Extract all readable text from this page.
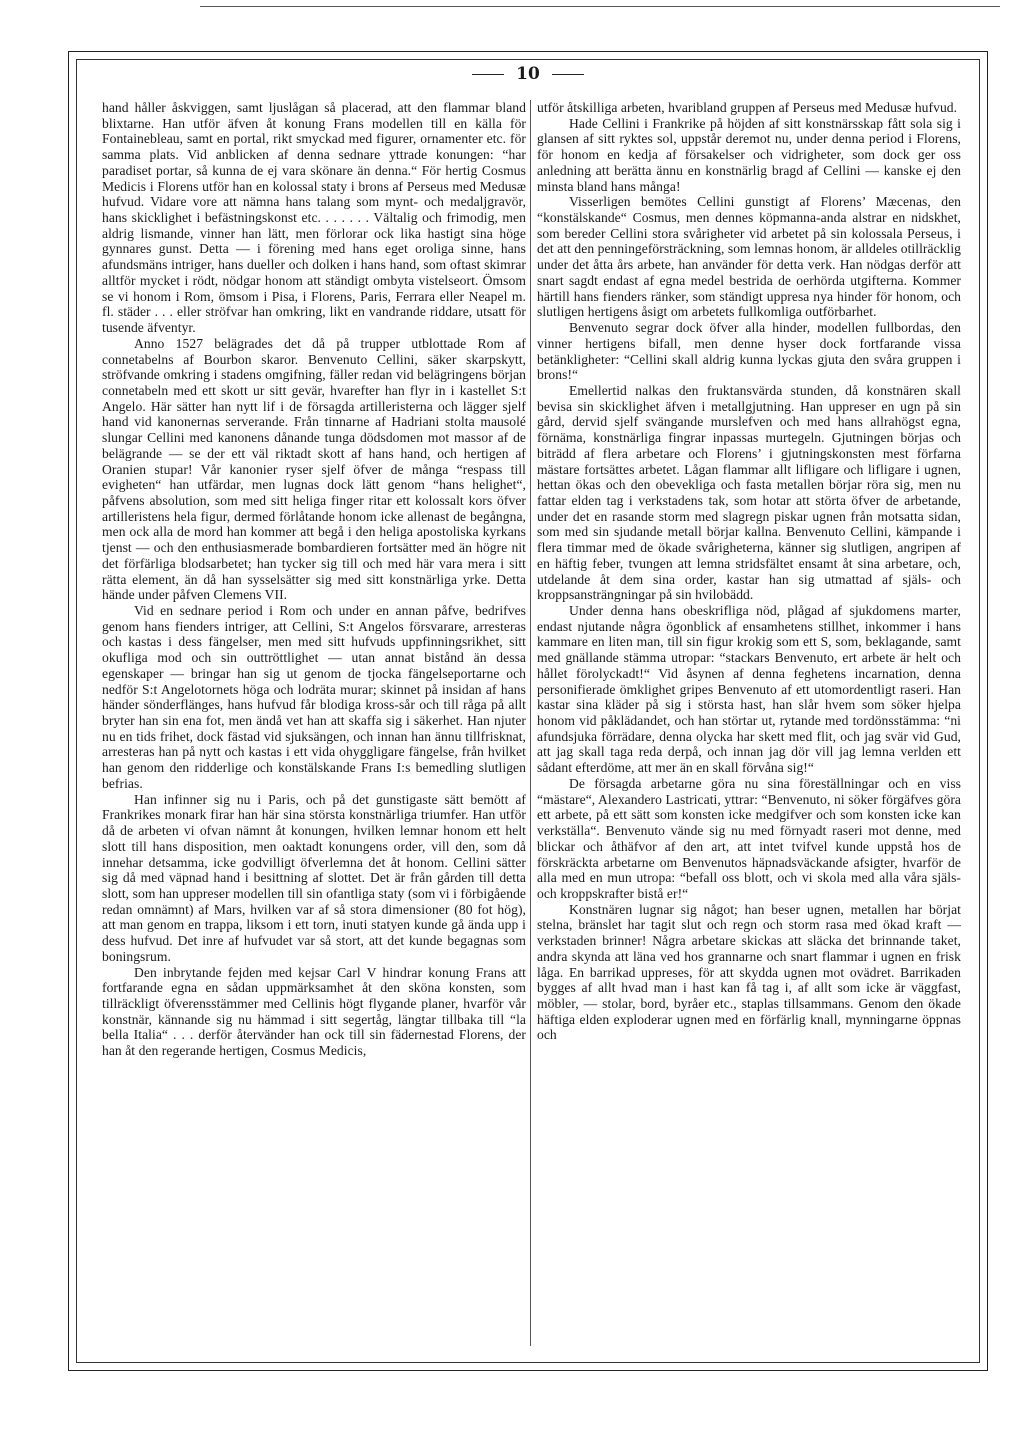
10

hand håller åskviggen, samt ljuslågan så placerad, att den flammar bland blixtarne. Han utför äfven åt konung Frans modellen till en källa för Fontainebleau, samt en portal, rikt smyckad med figurer, ornamenter etc. för samma plats. Vid anblicken af denna sednare yttrade konungen: “har paradiset portar, så kunna de ej vara skönare än denna.“ För hertig Cosmus Medicis i Florens utför han en kolossal staty i brons af Perseus med Medusæ hufvud. Vidare vore att nämna hans talang som mynt- och medaljgravör, hans skicklighet i befästningskonst etc. . . . . . . Vältalig och frimodig, men aldrig lismande, vinner han lätt, men förlorar ock lika hastigt sina höge gynnares gunst. Detta — i förening med hans eget oroliga sinne, hans afundsmäns intriger, hans dueller och dolken i hans hand, som oftast skimrar alltför mycket i rödt, nödgar honom att ständigt ombyta vistelseort. Ömsom se vi honom i Rom, ömsom i Pisa, i Florens, Paris, Ferrara eller Neapel m. fl. städer . . . eller ströfvar han omkring, likt en vandrande riddare, utsatt för tusende äfventyr.

Anno 1527 belägrades det då på trupper utblottade Rom af connetabelns af Bourbon skaror. Benvenuto Cellini, säker skarpskytt, ströfvande omkring i stadens omgifning, fäller redan vid belägringens början connetabeln med ett skott ur sitt gevär, hvarefter han flyr in i kastellet S:t Angelo. Här sätter han nytt lif i de försagda artilleristerna och lägger sjelf hand vid kanonernas serverande. Från tinnarne af Hadriani stolta mausolé slungar Cellini med kanonens dånande tunga dödsdomen mot massor af de belägrande — se der ett väl riktadt skott af hans hand, och hertigen af Oranien stupar! Vår kanonier ryser sjelf öfver de många “respass till evigheten“ han utfärdar, men lugnas dock lätt genom “hans helighet“, påfvens absolution, som med sitt heliga finger ritar ett kolossalt kors öfver artilleristens hela figur, dermed förlåtande honom icke allenast de begångna, men ock alla de mord han kommer att begå i den heliga apostoliska kyrkans tjenst — och den enthusiasmerade bombardieren fortsätter med än högre nit det förfärliga blodsarbetet; han tycker sig till och med här vara mera i sitt rätta element, än då han sysselsätter sig med sitt konstnärliga yrke. Detta hände under påfven Clemens VII.

Vid en sednare period i Rom och under en annan påfve, bedrifves genom hans fienders intriger, att Cellini, S:t Angelos försvarare, arresteras och kastas i dess fängelser, men med sitt hufvuds uppfinningsrikhet, sitt okufliga mod och sin outtröttlighet — utan annat bistånd än dessa egenskaper — bringar han sig ut genom de tjocka fängelseportarne och nedför S:t Angelotornets höga och lodräta murar; skinnet på insidan af hans händer sönderflänges, hans hufvud får blodiga kross-sår och till råga på allt bryter han sin ena fot, men ändå vet han att skaffa sig i säkerhet. Han njuter nu en tids frihet, dock fästad vid sjuksängen, och innan han ännu tillfrisknat, arresteras han på nytt och kastas i ett vida ohyggligare fängelse, från hvilket han genom den ridderlige och konstälskande Frans I:s bemedling slutligen befrias.

Han infinner sig nu i Paris, och på det gunstigaste sätt bemött af Frankrikes monark firar han här sina största konstnärliga triumfer. Han utför då de arbeten vi ofvan nämnt åt konungen, hvilken lemnar honom ett helt slott till hans disposition, men oaktadt konungens order, vill den, som då innehar detsamma, icke godvilligt öfverlemna det åt honom. Cellini sätter sig då med väpnad hand i besittning af slottet. Det är från gården till detta slott, som han uppreser modellen till sin ofantliga staty (som vi i förbigående redan omnämnt) af Mars, hvilken var af så stora dimensioner (80 fot hög), att man genom en trappa, liksom i ett torn, inuti statyen kunde gå ända upp i dess hufvud. Det inre af hufvudet var så stort, att det kunde begagnas som boningsrum.

Den inbrytande fejden med kejsar Carl V hindrar konung Frans att fortfarande egna en sådan uppmärksamhet åt den sköna konsten, som tillräckligt öfverensstämmer med Cellinis högt flygande planer, hvarför vår konstnär, kännande sig nu hämmad i sitt segertåg, längtar tillbaka till “la bella Italia“ . . . derför återvänder han ock till sin fädernestad Florens, der han åt den regerande hertigen, Cosmus Medicis,

utför åtskilliga arbeten, hvaribland gruppen af Perseus med Medusæ hufvud.

Hade Cellini i Frankrike på höjden af sitt konstnärsskap fått sola sig i glansen af sitt ryktes sol, uppstår deremot nu, under denna period i Florens, för honom en kedja af försakelser och vidrigheter, som dock ger oss anledning att berätta ännu en konstnärlig bragd af Cellini — kanske ej den minsta bland hans många!

Visserligen bemötes Cellini gunstigt af Florens’ Mæcenas, den “konstälskande“ Cosmus, men dennes köpmanna-anda alstrar en nidskhet, som bereder Cellini stora svårigheter vid arbetet på sin kolossala Perseus, i det att den penningeförsträckning, som lemnas honom, är alldeles otillräcklig under det åtta års arbete, han använder för detta verk. Han nödgas derför att snart sagdt endast af egna medel bestrida de oerhörda utgifterna. Kommer härtill hans fienders ränker, som ständigt uppresa nya hinder för honom, och slutligen hertigens åsigt om arbetets fullkomliga outförbarhet.

Benvenuto segrar dock öfver alla hinder, modellen fullbordas, den vinner hertigens bifall, men denne hyser dock fortfarande vissa betänkligheter: “Cellini skall aldrig kunna lyckas gjuta den svåra gruppen i brons!“

Emellertid nalkas den fruktansvärda stunden, då konstnären skall bevisa sin skicklighet äfven i metallgjutning. Han uppreser en ugn på sin gård, dervid sjelf svängande murslefven och med hans allrahögst egna, förnäma, konstnärliga fingrar inpassas murtegeln. Gjutningen börjas och biträdd af flera arbetare och Florens’ i gjutningskonsten mest förfarna mästare fortsättes arbetet. Lågan flammar allt lifligare och lifligare i ugnen, hettan ökas och den obevekliga och fasta metallen börjar röra sig, men nu fattar elden tag i verkstadens tak, som hotar att störta öfver de arbetande, under det en rasande storm med slagregn piskar ugnen från motsatta sidan, som med sin sjudande metall börjar kallna. Benvenuto Cellini, kämpande i flera timmar med de ökade svårigheterna, känner sig slutligen, angripen af en häftig feber, tvungen att lemna stridsfältet ensamt åt sina arbetare, och, utdelande åt dem sina order, kastar han sig utmattad af själs- och kroppsansträngningar på sin hvilobädd.

Under denna hans obeskrifliga nöd, plågad af sjukdomens marter, endast njutande några ögonblick af ensamhetens stillhet, inkommer i hans kammare en liten man, till sin figur krokig som ett S, som, beklagande, samt med gnällande stämma utropar: “stackars Benvenuto, ert arbete är helt och hållet förolyckadt!“ Vid åsynen af denna feghetens incarnation, denna personifierade ömklighet gripes Benvenuto af ett utomordentligt raseri. Han kastar sina kläder på sig i största hast, han slår hvem som söker hjelpa honom vid påklädandet, och han störtar ut, rytande med tordönsstämma: “ni afundsjuka förrädare, denna olycka har skett med flit, och jag svär vid Gud, att jag skall taga reda derpå, och innan jag dör vill jag lemna verlden ett sådant efterdöme, att mer än en skall förvåna sig!“

De försagda arbetarne göra nu sina föreställningar och en viss “mästare“, Alexandero Lastricati, yttrar: “Benvenuto, ni söker förgäfves göra ett arbete, på ett sätt som konsten icke medgifver och som konsten icke kan verkställa“. Benvenuto vände sig nu med förnyadt raseri mot denne, med blickar och åthäfvor af den art, att intet tvifvel kunde uppstå hos de förskräckta arbetarne om Benvenutos häpnadsväckande afsigter, hvarför de alla med en mun utropa: “befall oss blott, och vi skola med alla våra själs- och kroppskrafter bistå er!“

Konstnären lugnar sig något; han beser ugnen, metallen har börjat stelna, bränslet har tagit slut och regn och storm rasa med ökad kraft — verkstaden brinner! Några arbetare skickas att släcka det brinnande taket, andra skynda att läna ved hos grannarne och snart flammar i ugnen en frisk låga. En barrikad uppreses, för att skydda ugnen mot ovädret. Barrikaden bygges af allt hvad man i hast kan få tag i, af allt som icke är väggfast, möbler, — stolar, bord, byråer etc., staplas tillsammans. Genom den ökade häftiga elden exploderar ugnen med en förfärlig knall, mynningarne öppnas och
